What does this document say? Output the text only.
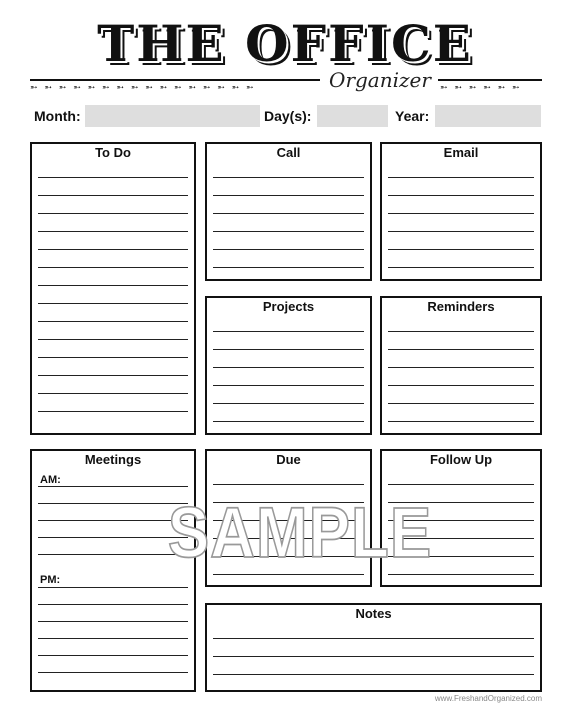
THE OFFICE
➵ ➵ ➵ ➵ ➵ ➵ ➵ ➵ ➵ ➵ ➵ ➵ ➵ ➵ ➵ ➵	➵ ➵ ➵ ➵ ➵ ➵
Organizer
Month:	Day(s):	Year:
To Do	Call	Email
Projects	Reminders
Meetings
AM:
PM:
Due	Follow Up
Notes
SAMPLE
www.FreshandOrganized.com
